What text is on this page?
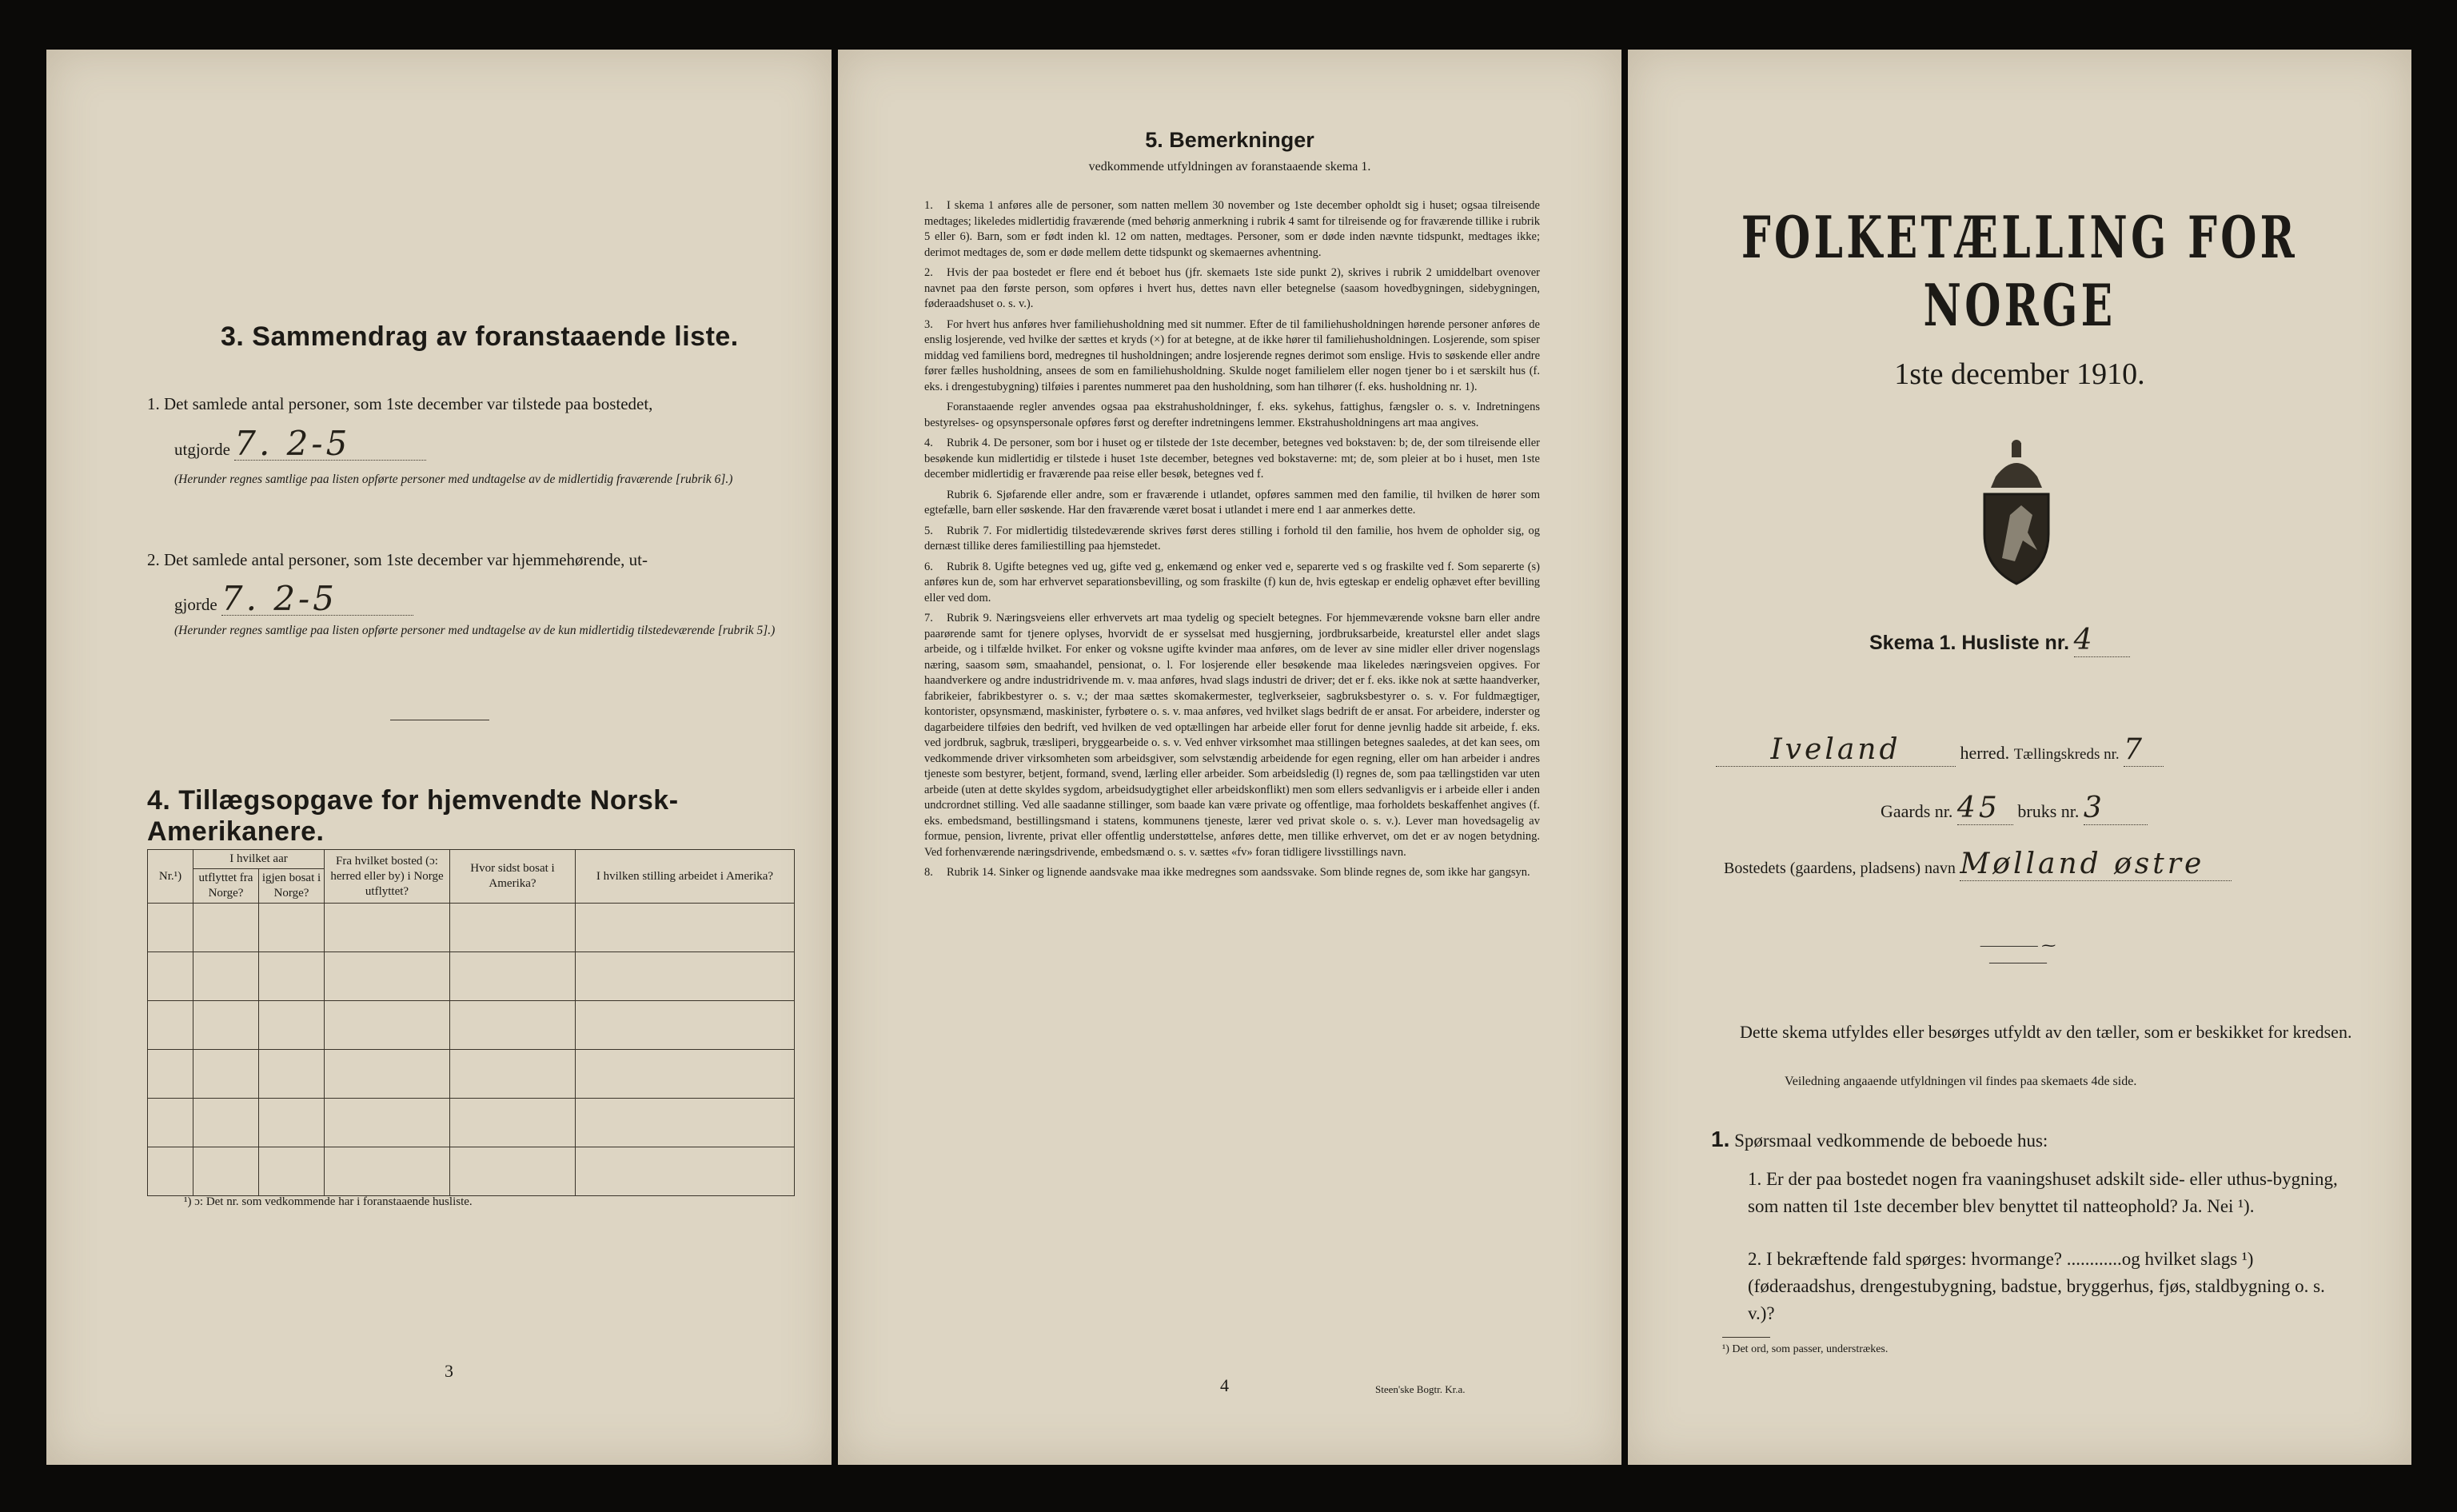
3. Sammendrag av foranstaaende liste.
1. Det samlede antal personer, som 1ste december var tilstede paa bostedet,
utgjorde 7. 2-5
(Herunder regnes samtlige paa listen opførte personer med undtagelse av de midlertidig fraværende [rubrik 6].)
2. Det samlede antal personer, som 1ste december var hjemmehørende, ut-
gjorde 7. 2-5
(Herunder regnes samtlige paa listen opførte personer med undtagelse av de kun midlertidig tilstedeværende [rubrik 5].)
4. Tillægsopgave for hjemvendte Norsk-Amerikanere.
Nr.¹)	I hvilket aar		Fra hvilket bosted (ɔ: herred eller by) i Norge utflyttet?	Hvor sidst bosat i Amerika?	I hvilken stilling arbeidet i Amerika?
	utflyttet fra Norge?	igjen bosat i Norge?			

¹) ɔ: Det nr. som vedkommende har i foranstaaende husliste.
3
5. Bemerkninger
vedkommende utfyldningen av foranstaaende skema 1.

1. I skema 1 anføres alle de personer, som natten mellem 30 november og 1ste december opholdt sig i huset; ogsaa tilreisende medtages; likeledes midlertidig fraværende (med behørig anmerkning i rubrik 4 samt for tilreisende og for fraværende tillike i rubrik 5 eller 6). Barn, som er født inden kl. 12 om natten, medtages. Personer, som er døde inden nævnte tidspunkt, medtages ikke; derimot medtages de, som er døde mellem dette tidspunkt og skemaernes avhentning.

2. Hvis der paa bostedet er flere end ét beboet hus (jfr. skemaets 1ste side punkt 2), skrives i rubrik 2 umiddelbart ovenover navnet paa den første person, som opføres i hvert hus, dettes navn eller betegnelse (saasom hovedbygningen, sidebygningen, føderaadshuset o. s. v.).

3. For hvert hus anføres hver familiehusholdning med sit nummer. Efter de til familiehusholdningen hørende personer anføres de enslig losjerende, ved hvilke der sættes et kryds (×) for at betegne, at de ikke hører til familiehusholdningen. Losjerende, som spiser middag ved familiens bord, medregnes til husholdningen; andre losjerende regnes derimot som enslige. Hvis to søskende eller andre fører fælles husholdning, ansees de som en familiehusholdning. Skulde noget familielem eller nogen tjener bo i et særskilt hus (f. eks. i drengestubygning) tilføies i parentes nummeret paa den husholdning, som han tilhører (f. eks. husholdning nr. 1).

Foranstaaende regler anvendes ogsaa paa ekstrahusholdninger, f. eks. sykehus, fattighus, fængsler o. s. v. Indretningens bestyrelses- og opsynspersonale opføres først og derefter indretningens lemmer. Ekstrahusholdningens art maa angives.

4. Rubrik 4. De personer, som bor i huset og er tilstede der 1ste december, betegnes ved bokstaven: b; de, der som tilreisende eller besøkende kun midlertidig er tilstede i huset 1ste december, betegnes ved bokstaverne: mt; de, som pleier at bo i huset, men 1ste december midlertidig er fraværende paa reise eller besøk, betegnes ved f.

Rubrik 6. Sjøfarende eller andre, som er fraværende i utlandet, opføres sammen med den familie, til hvilken de hører som egtefælle, barn eller søskende. Har den fraværende været bosat i utlandet i mere end 1 aar anmerkes dette.

5. Rubrik 7. For midlertidig tilstedeværende skrives først deres stilling i forhold til den familie, hos hvem de opholder sig, og dernæst tillike deres familiestilling paa hjemstedet.

6. Rubrik 8. Ugifte betegnes ved ug, gifte ved g, enkemænd og enker ved e, separerte ved s og fraskilte ved f. Som separerte (s) anføres kun de, som har erhvervet separationsbevilling, og som fraskilte (f) kun de, hvis egteskap er endelig ophævet efter bevilling eller ved dom.

7. Rubrik 9. Næringsveiens eller erhvervets art maa tydelig og specielt betegnes. For hjemmeværende voksne barn eller andre paarørende samt for tjenere oplyses, hvorvidt de er sysselsat med husgjerning, jordbruksarbeide, kreaturstel eller andet slags arbeide, og i tilfælde hvilket. For enker og voksne ugifte kvinder maa anføres, om de lever av sine midler eller driver nogenslags næring, saasom søm, smaahandel, pensionat, o. l. For losjerende eller besøkende maa likeledes næringsveien opgives. For haandverkere og andre industridrivende m. v. maa anføres, hvad slags industri de driver; det er f. eks. ikke nok at sætte haandverker, fabrikeier, fabrikbestyrer o. s. v.; der maa sættes skomakermester, teglverkseier, sagbruksbestyrer o. s. v. For fuldmægtiger, kontorister, opsynsmænd, maskinister, fyrbøtere o. s. v. maa anføres, ved hvilket slags bedrift de er ansat. For arbeidere, inderster og dagarbeidere tilføies den bedrift, ved hvilken de ved optællingen har arbeide eller forut for denne jevnlig hadde sit arbeide, f. eks. ved jordbruk, sagbruk, træsliperi, bryggearbeide o. s. v. Ved enhver virksomhet maa stillingen betegnes saaledes, at det kan sees, om vedkommende driver virksomheten som arbeidsgiver, som selvstændig arbeidende for egen regning, eller om han arbeider i andres tjeneste som bestyrer, betjent, formand, svend, lærling eller arbeider. Som arbeidsledig (l) regnes de, som paa tællingstiden var uten arbeide (uten at dette skyldes sygdom, arbeidsudygtighet eller arbeidskonflikt) men som ellers sedvanligvis er i arbeide eller i anden undcrordnet stilling. Ved alle saadanne stillinger, som baade kan være private og offentlige, maa forholdets beskaffenhet angives (f. eks. embedsmand, bestillingsmand i statens, kommunens tjeneste, lærer ved privat skole o. s. v.). Lever man hovedsagelig av formue, pension, livrente, privat eller offentlig understøttelse, anføres dette, men tillike erhvervet, om det er av nogen betydning. Ved forhenværende næringsdrivende, embedsmænd o. s. v. sættes «fv» foran tidligere livsstillings navn.

8. Rubrik 14. Sinker og lignende aandsvake maa ikke medregnes som aandssvake. Som blinde regnes de, som ikke har gangsyn.

4	Steen'ske Bogtr. Kr.a.
FOLKETÆLLING FOR NORGE
1ste december 1910.
Skema 1. Husliste nr. 4
Iveland	herred. Tællingskreds nr. 7
Gaards nr. 45 bruks nr. 3
Bostedets (gaardens, pladsens) navn Mølland østre
———— ⁓ ————
Dette skema utfyldes eller besørges utfyldt av den tæller, som er beskikket for kredsen.
Veiledning angaaende utfyldningen vil findes paa skemaets 4de side.
1. Spørsmaal vedkommende de beboede hus:
1. Er der paa bostedet nogen fra vaaningshuset adskilt side- eller uthus-bygning, som natten til 1ste december blev benyttet til natteophold? Ja. Nei ¹).
2. I bekræftende fald spørges: hvormange? ............og hvilket slags ¹) (føderaadshus, drengestubygning, badstue, bryggerhus, fjøs, staldbygning o. s. v.)?
¹) Det ord, som passer, understrækes.
